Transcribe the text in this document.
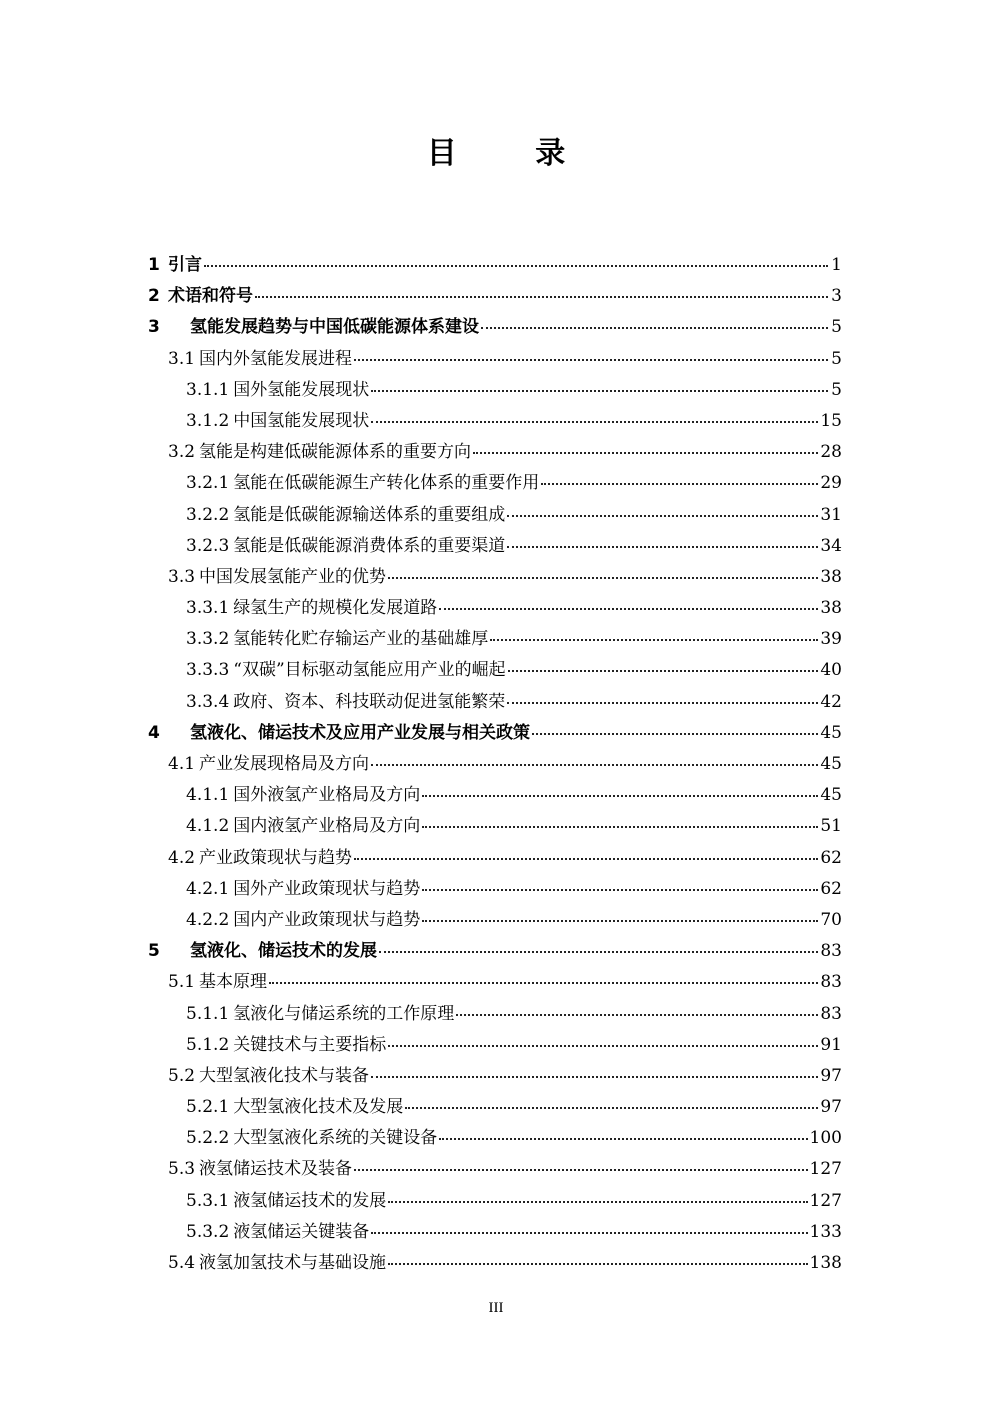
目 录
1 引言	1
2 术语和符号	3
3	氢能发展趋势与中国低碳能源体系建设	5
3.1 国内外氢能发展进程	5
3.1.1 国外氢能发展现状	5
3.1.2 中国氢能发展现状	15
3.2 氢能是构建低碳能源体系的重要方向	28
3.2.1 氢能在低碳能源生产转化体系的重要作用	29
3.2.2 氢能是低碳能源输送体系的重要组成	31
3.2.3 氢能是低碳能源消费体系的重要渠道	34
3.3 中国发展氢能产业的优势	38
3.3.1 绿氢生产的规模化发展道路	38
3.3.2 氢能转化贮存输运产业的基础雄厚	39
3.3.3 “双碳”目标驱动氢能应用产业的崛起	40
3.3.4 政府、资本、科技联动促进氢能繁荣	42
4	氢液化、储运技术及应用产业发展与相关政策	45
4.1 产业发展现格局及方向	45
4.1.1 国外液氢产业格局及方向	45
4.1.2 国内液氢产业格局及方向	51
4.2 产业政策现状与趋势	62
4.2.1 国外产业政策现状与趋势	62
4.2.2 国内产业政策现状与趋势	70
5	氢液化、储运技术的发展	83
5.1 基本原理	83
5.1.1 氢液化与储运系统的工作原理	83
5.1.2 关键技术与主要指标	91
5.2 大型氢液化技术与装备	97
5.2.1 大型氢液化技术及发展	97
5.2.2 大型氢液化系统的关键设备	100
5.3 液氢储运技术及装备	127
5.3.1 液氢储运技术的发展	127
5.3.2 液氢储运关键装备	133
5.4 液氢加氢技术与基础设施	138
III
